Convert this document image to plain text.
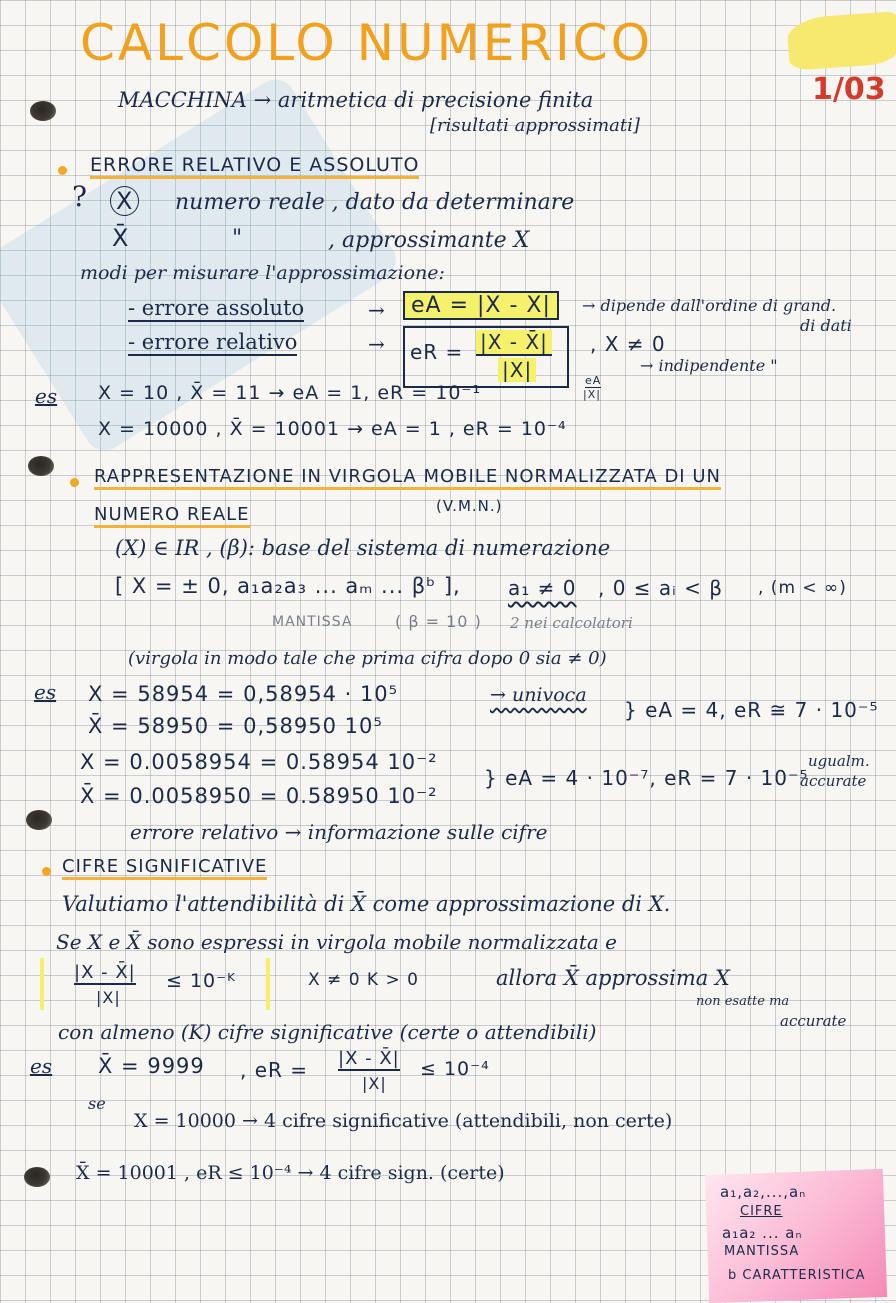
CALCOLO NUMERICO
1/03
MACCHINA → aritmetica di precisione finita
[risultati approssimati]
ERRORE RELATIVO E ASSOLUTO
? X numero reale , dato da determinare
X̄	"	, approssimante X
modi per misurare l'approssimazione:
- errore assoluto	→	eA = |X - X̄|	→ dipende dall'ordine di grand.
di dati
- errore relativo	→ eR = |X - X̄|
|X|
, X ≠ 0
→ indipendente "
eA
|X|
es X = 10 , X̄ = 11 → eA = 1, eR = 10⁻¹
X = 10000 , X̄ = 10001 → eA = 1 , eR = 10⁻⁴
RAPPRESENTAZIONE IN VIRGOLA MOBILE NORMALIZZATA DI UN
NUMERO REALE	(V.M.N.)
(X) ∈ IR , (β): base del sistema di numerazione
[ X = ± 0, a₁a₂a₃ ... aₘ ... βᵇ ], a₁ ≠ 0 , 0 ≤ aᵢ < β , (m < ∞)
MANTISSA	( β = 10 ) 2 nei calcolatori
(virgola in modo tale che prima cifra dopo 0 sia ≠ 0)
es X = 58954 = 0,58954 · 10⁵	→ univoca
X̄ = 58950 = 0,58950 10⁵
} eA = 4, eR ≅ 7 · 10⁻⁵
X = 0.0058954 = 0.58954 10⁻²
X̄ = 0.0058950 = 0.58950 10⁻²
} eA = 4 · 10⁻⁷, eR = 7 · 10⁻⁵
ugualm.
accurate
errore relativo → informazione sulle cifre
CIFRE SIGNIFICATIVE
Valutiamo l'attendibilità di X̄ come approssimazione di X.
Se X e X̄ sono espressi in virgola mobile normalizzata e
|X - X̄|
|X|
≤ 10⁻ᴷ	X ≠ 0 K > 0	allora X̄ approssima X
non esatte ma
accurate
con almeno (K) cifre significative (certe o attendibili)
es X̄ = 9999 , eR = |X - X̄|
|X|
≤ 10⁻⁴
se
X = 10000 → 4 cifre significative (attendibili, non certe)
X̄ = 10001 , eR ≤ 10⁻⁴ → 4 cifre sign. (certe)
a₁,a₂,...,aₙ
CIFRE
a₁a₂ ... aₙ
MANTISSA
b CARATTERISTICA
